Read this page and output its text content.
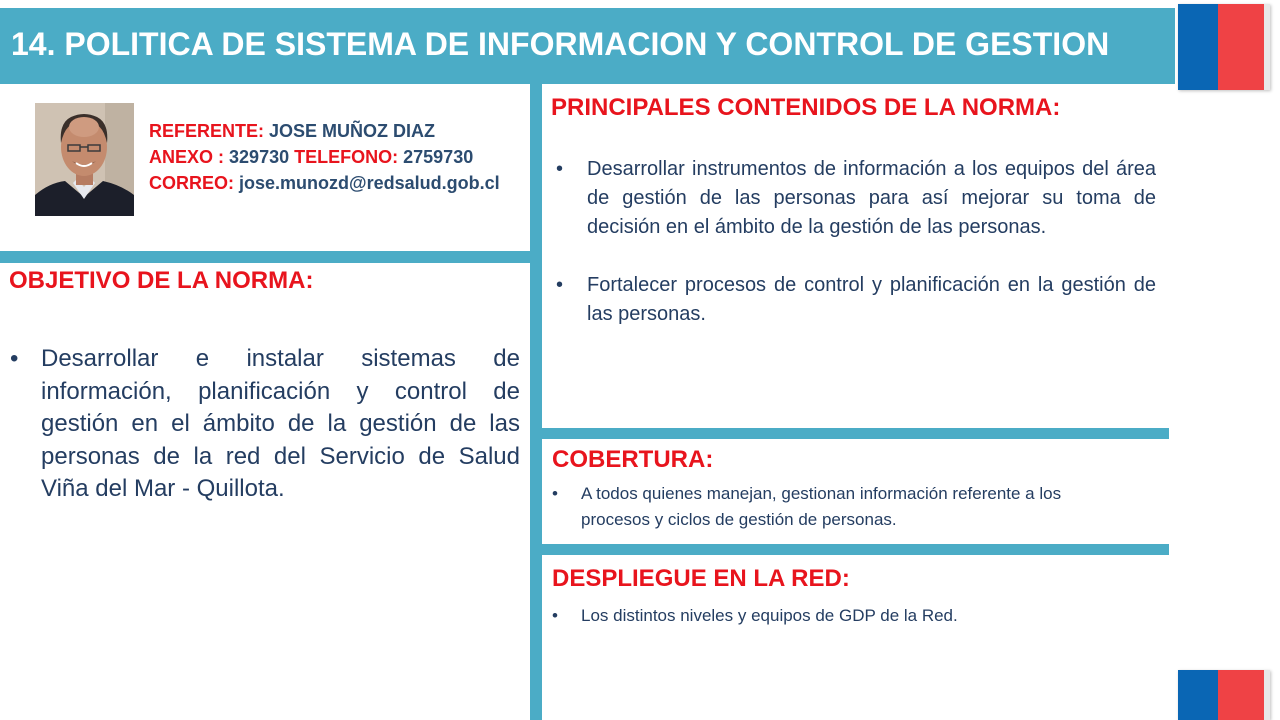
14. POLITICA DE SISTEMA DE INFORMACION Y CONTROL DE GESTION
REFERENTE: JOSE MUÑOZ DIAZ
ANEXO : 329730 TELEFONO: 2759730
CORREO: jose.munozd@redsalud.gob.cl
OBJETIVO DE LA NORMA:
• Desarrollar e instalar sistemas de información, planificación y control de gestión en el ámbito de la gestión de las personas de la red del Servicio de Salud Viña del Mar - Quillota.
PRINCIPALES CONTENIDOS DE LA NORMA:
• Desarrollar instrumentos de información a los equipos del área de gestión de las personas para así mejorar su toma de decisión en el ámbito de la gestión de las personas.
• Fortalecer procesos de control y planificación en la gestión de las personas.
COBERTURA:
• A todos quienes manejan, gestionan información referente a los procesos y ciclos de gestión de personas.
DESPLIEGUE EN LA RED:
• Los distintos niveles y equipos de GDP de la Red.
